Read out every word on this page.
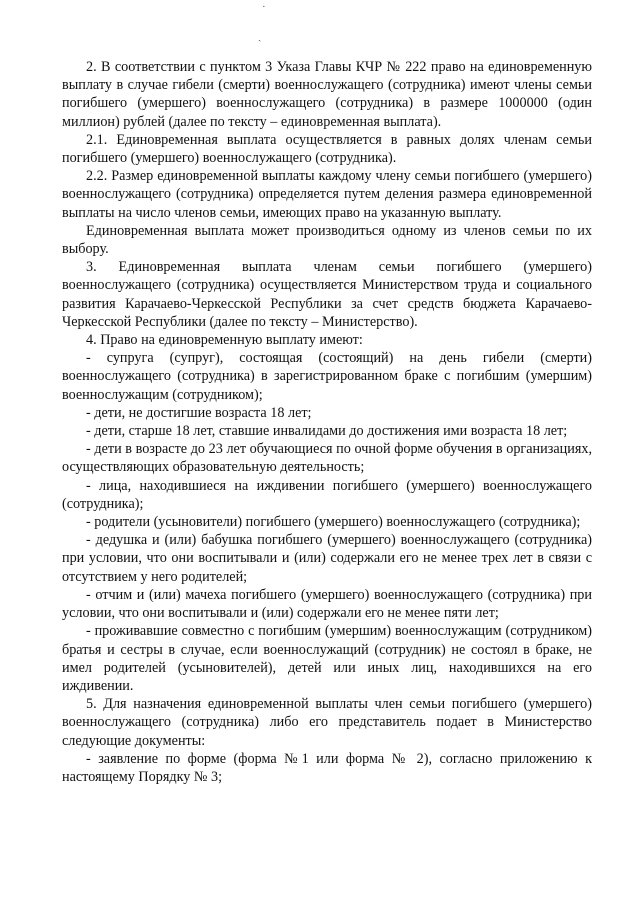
·
ˎ

2. В соответствии с пунктом 3 Указа Главы КЧР № 222 право на единовременную выплату в случае гибели (смерти) военнослужащего (сотрудника) имеют члены семьи погибшего (умершего) военнослужащего (сотрудника) в размере 1000000 (один миллион) рублей (далее по тексту – единовременная выплата).

2.1. Единовременная выплата осуществляется в равных долях членам семьи погибшего (умершего) военнослужащего (сотрудника).

2.2. Размер единовременной выплаты каждому члену семьи погибшего (умершего) военнослужащего (сотрудника) определяется путем деления размера единовременной выплаты на число членов семьи, имеющих право на указанную выплату.

Единовременная выплата может производиться одному из членов семьи по их выбору.

3. Единовременная выплата членам семьи погибшего (умершего) военнослужащего (сотрудника) осуществляется Министерством труда и социального развития Карачаево-Черкесской Республики за счет средств бюджета Карачаево-Черкесской Республики (далее по тексту – Министерство).

4. Право на единовременную выплату имеют:

- супруга (супруг), состоящая (состоящий) на день гибели (смерти) военнослужащего (сотрудника) в зарегистрированном браке с погибшим (умершим) военнослужащим (сотрудником);

- дети, не достигшие возраста 18 лет;

- дети, старше 18 лет, ставшие инвалидами до достижения ими возраста 18 лет;

- дети в возрасте до 23 лет обучающиеся по очной форме обучения в организациях, осуществляющих образовательную деятельность;

- лица, находившиеся на иждивении погибшего (умершего) военнослужащего (сотрудника);

- родители (усыновители) погибшего (умершего) военнослужащего (сотрудника);

- дедушка и (или) бабушка погибшего (умершего) военнослужащего (сотрудника) при условии, что они воспитывали и (или) содержали его не менее трех лет в связи с отсутствием у него родителей;

- отчим и (или) мачеха погибшего (умершего) военнослужащего (сотрудника) при условии, что они воспитывали и (или) содержали его не менее пяти лет;

- проживавшие совместно с погибшим (умершим) военнослужащим (сотрудником) братья и сестры в случае, если военнослужащий (сотрудник) не состоял в браке, не имел родителей (усыновителей), детей или иных лиц, находившихся на его иждивении.

5. Для назначения единовременной выплаты член семьи погибшего (умершего) военнослужащего (сотрудника) либо его представитель подает в Министерство следующие документы:

- заявление по форме (форма №1 или форма № 2), согласно приложению к настоящему Порядку № 3;
